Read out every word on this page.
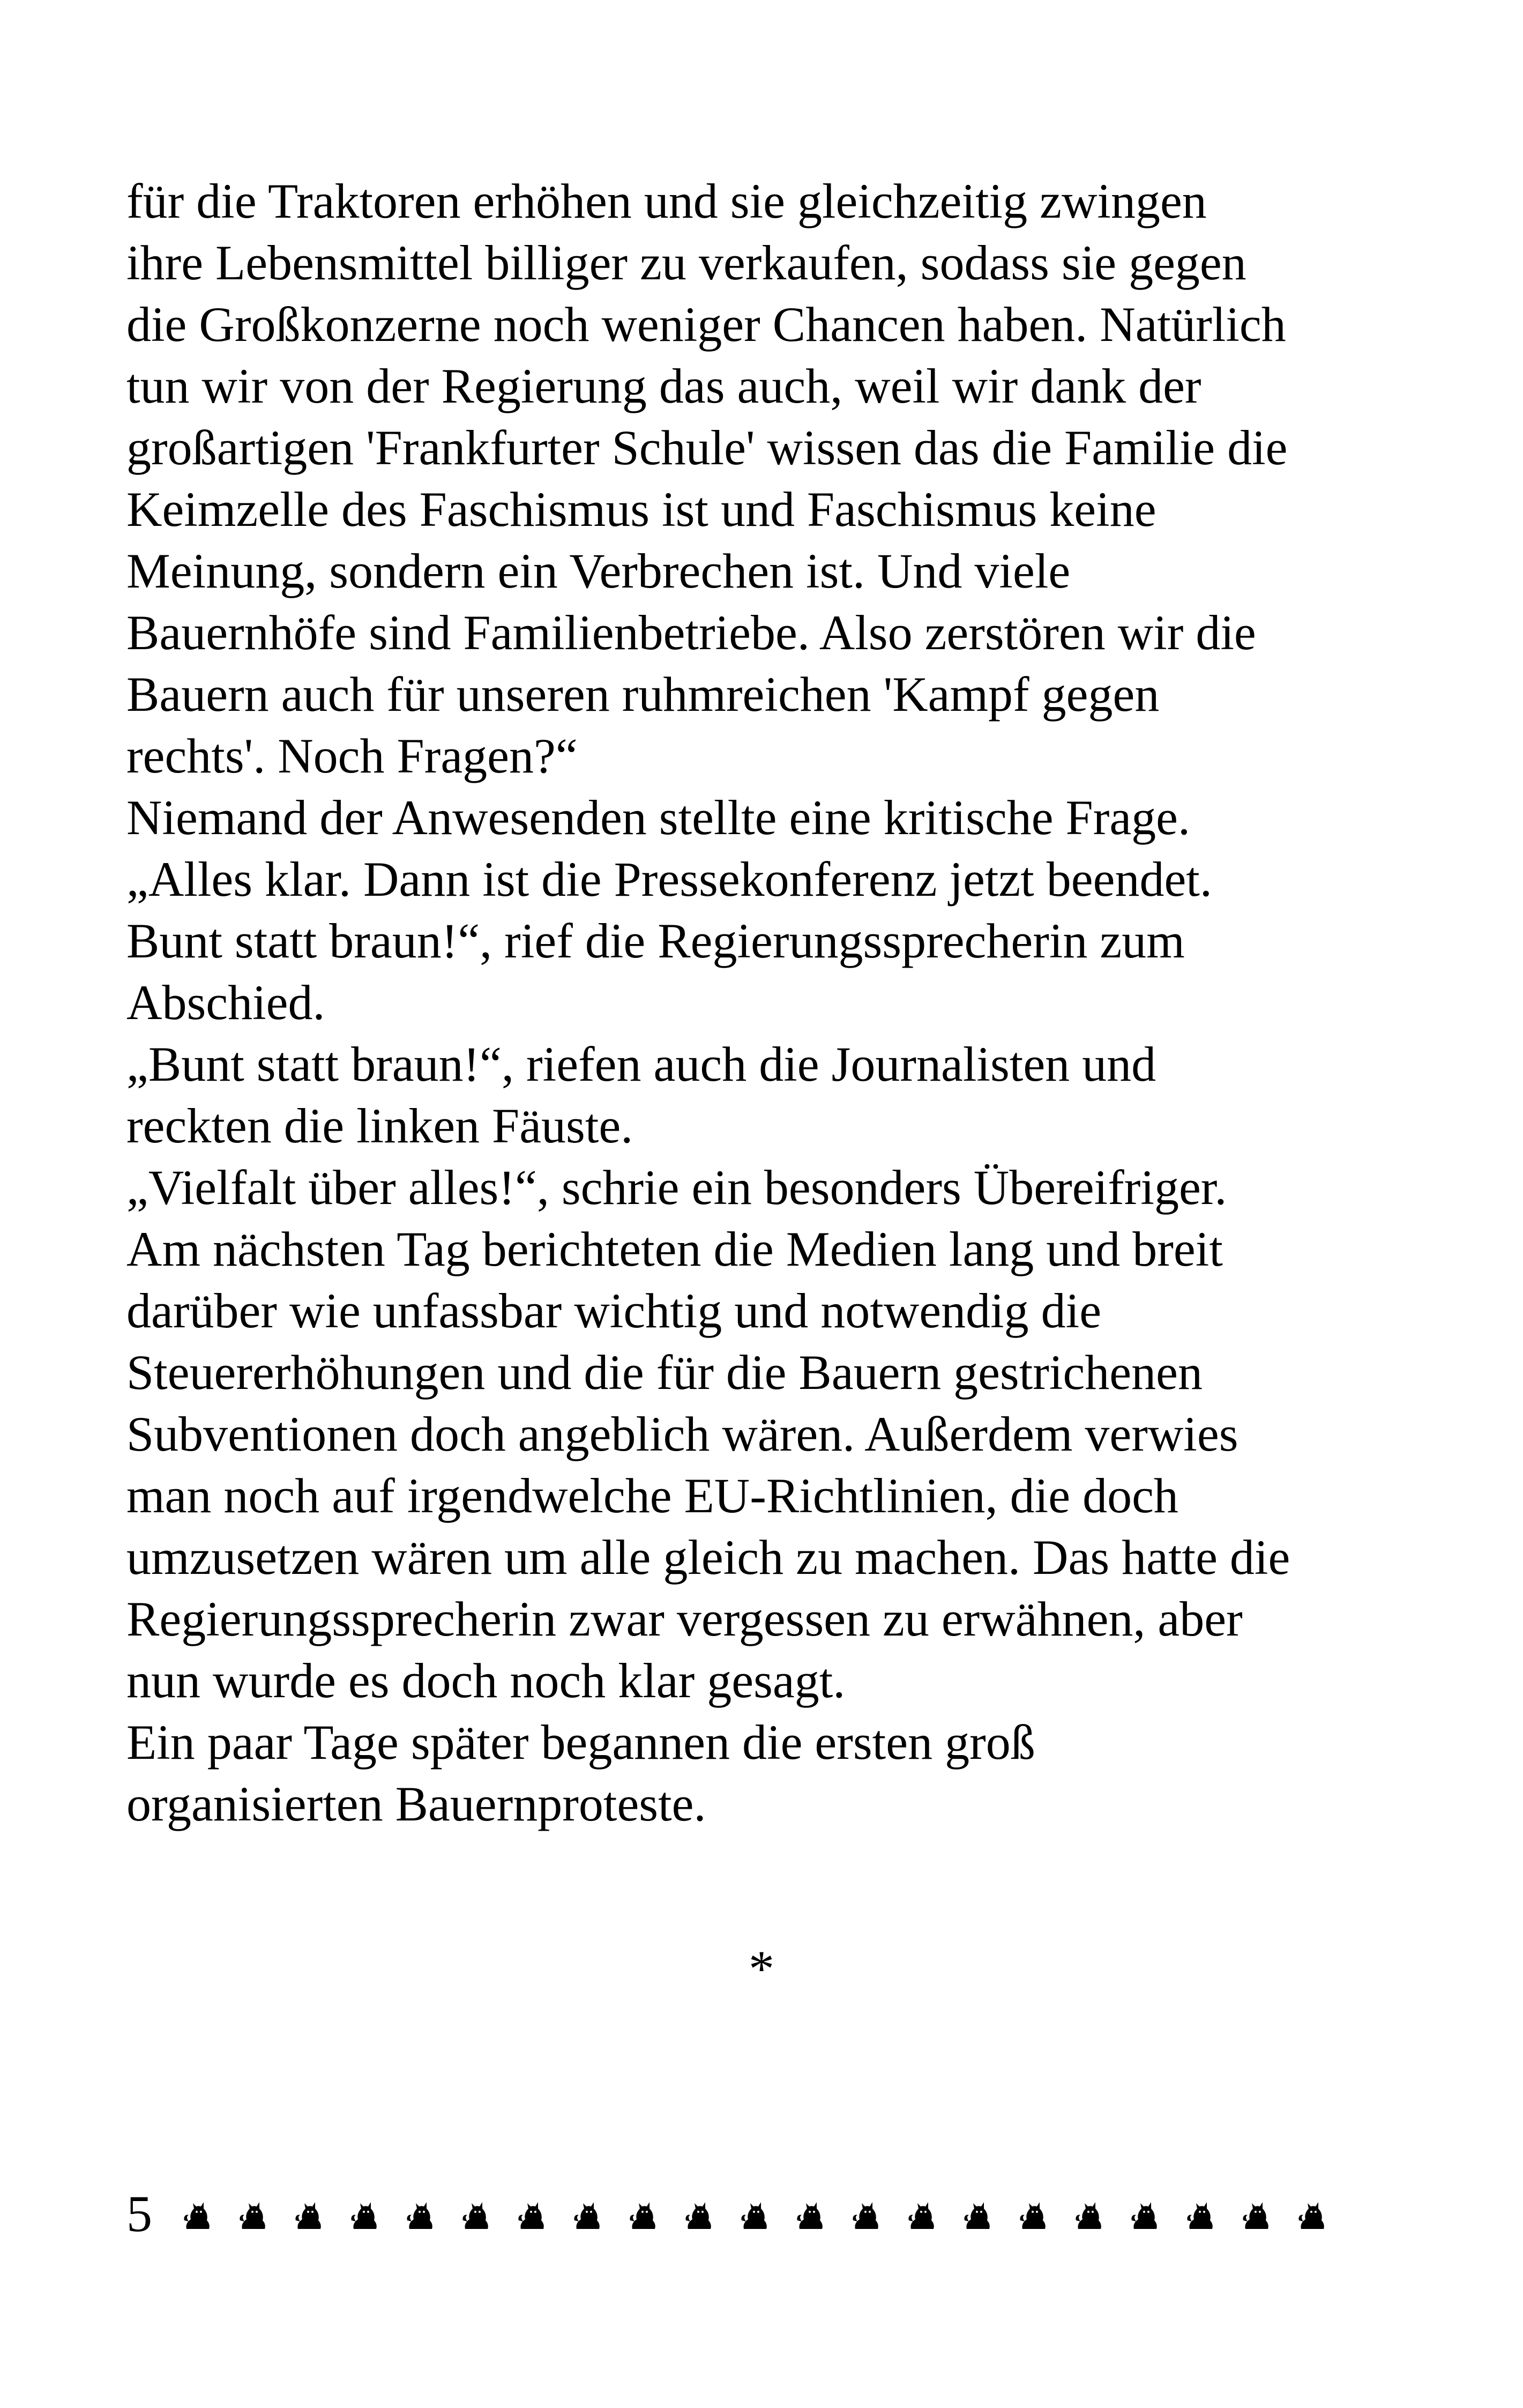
für die Traktoren erhöhen und sie gleichzeitig zwingen
ihre Lebensmittel billiger zu verkaufen, sodass sie gegen
die Großkonzerne noch weniger Chancen haben. Natürlich
tun wir von der Regierung das auch, weil wir dank der
großartigen 'Frankfurter Schule' wissen das die Familie die
Keimzelle des Faschismus ist und Faschismus keine
Meinung, sondern ein Verbrechen ist. Und viele
Bauernhöfe sind Familienbetriebe. Also zerstören wir die
Bauern auch für unseren ruhmreichen 'Kampf gegen
rechts'. Noch Fragen?“
Niemand der Anwesenden stellte eine kritische Frage.
„Alles klar. Dann ist die Pressekonferenz jetzt beendet.
Bunt statt braun!“, rief die Regierungssprecherin zum
Abschied.
„Bunt statt braun!“, riefen auch die Journalisten und
reckten die linken Fäuste.
„Vielfalt über alles!“, schrie ein besonders Übereifriger.
Am nächsten Tag berichteten die Medien lang und breit
darüber wie unfassbar wichtig und notwendig die
Steuererhöhungen und die für die Bauern gestrichenen
Subventionen doch angeblich wären. Außerdem verwies
man noch auf irgendwelche EU-Richtlinien, die doch
umzusetzen wären um alle gleich zu machen. Das hatte die
Regierungssprecherin zwar vergessen zu erwähnen, aber
nun wurde es doch noch klar gesagt.
Ein paar Tage später begannen die ersten groß
organisierten Bauernproteste.
*
5
